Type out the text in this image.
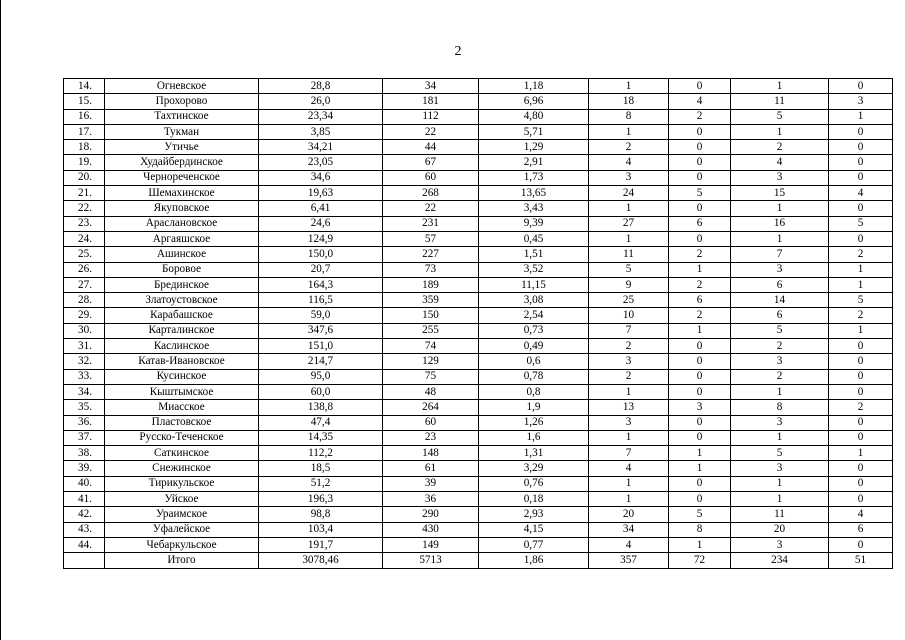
2
14.	Огневское	28,8	34	1,18	1	0	1	0
15.	Прохорово	26,0	181	6,96	18	4	11	3
16.	Тахтинское	23,34	112	4,80	8	2	5	1
17.	Тукман	3,85	22	5,71	1	0	1	0
18.	Утичье	34,21	44	1,29	2	0	2	0
19.	Худайбердинское	23,05	67	2,91	4	0	4	0
20.	Чернореченское	34,6	60	1,73	3	0	3	0
21.	Шемахинское	19,63	268	13,65	24	5	15	4
22.	Якуповское	6,41	22	3,43	1	0	1	0
23.	Араслановское	24,6	231	9,39	27	6	16	5
24.	Аргаяшское	124,9	57	0,45	1	0	1	0
25.	Ашинское	150,0	227	1,51	11	2	7	2
26.	Боровое	20,7	73	3,52	5	1	3	1
27.	Брединское	164,3	189	11,15	9	2	6	1
28.	Златоустовское	116,5	359	3,08	25	6	14	5
29.	Карабашское	59,0	150	2,54	10	2	6	2
30.	Карталинское	347,6	255	0,73	7	1	5	1
31.	Каслинское	151,0	74	0,49	2	0	2	0
32.	Катав-Ивановское	214,7	129	0,6	3	0	3	0
33.	Кусинское	95,0	75	0,78	2	0	2	0
34.	Кыштымское	60,0	48	0,8	1	0	1	0
35.	Миасское	138,8	264	1,9	13	3	8	2
36.	Пластовское	47,4	60	1,26	3	0	3	0
37.	Русско-Теченское	14,35	23	1,6	1	0	1	0
38.	Саткинское	112,2	148	1,31	7	1	5	1
39.	Снежинское	18,5	61	3,29	4	1	3	0
40.	Тирикульское	51,2	39	0,76	1	0	1	0
41.	Уйское	196,3	36	0,18	1	0	1	0
42.	Ураимское	98,8	290	2,93	20	5	11	4
43.	Уфалейское	103,4	430	4,15	34	8	20	6
44.	Чебаркульское	191,7	149	0,77	4	1	3	0
	Итого	3078,46	5713	1,86	357	72	234	51
